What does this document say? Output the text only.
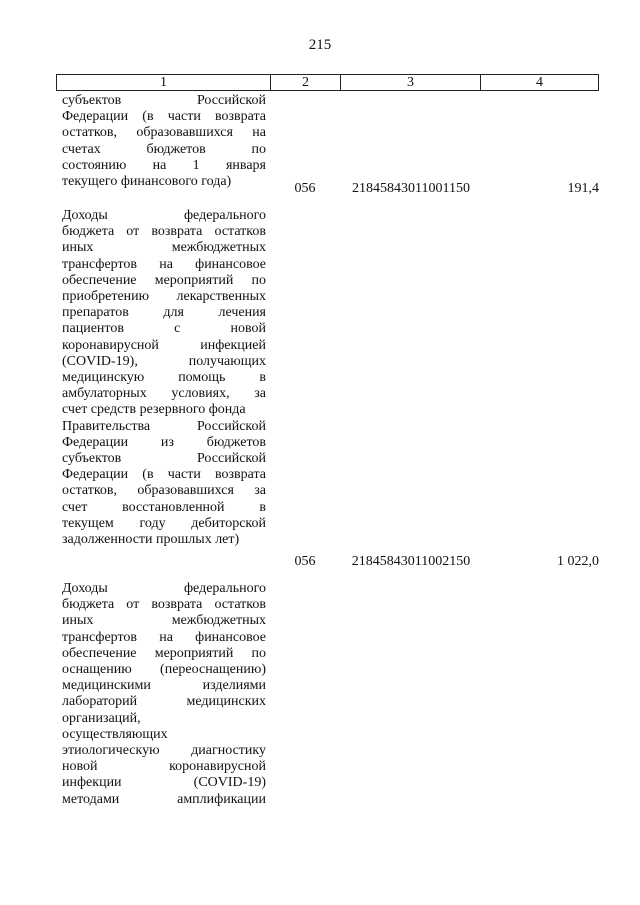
215
1	2	3	4
субъектов Российской
Федерации (в части возврата
остатков, образовавшихся на
счетах бюджетов по
состоянию на 1 января
текущего финансового года)	056	21845843011001150	191,4
Доходы федерального
бюджета от возврата остатков
иных межбюджетных
трансфертов на финансовое
обеспечение мероприятий по
приобретению лекарственных
препаратов для лечения
пациентов с новой
коронавирусной инфекцией
(COVID-19), получающих
медицинскую помощь в
амбулаторных условиях, за
счет средств резервного фонда
Правительства Российской
Федерации из бюджетов
субъектов Российской
Федерации (в части возврата
остатков, образовавшихся за
счет восстановленной в
текущем году дебиторской
задолженности прошлых лет)
056	21845843011002150	1 022,0
Доходы федерального
бюджета от возврата остатков
иных межбюджетных
трансфертов на финансовое
обеспечение мероприятий по
оснащению (переоснащению)
медицинскими изделиями
лабораторий медицинских
организаций,
осуществляющих
этиологическую диагностику
новой коронавирусной
инфекции (COVID-19)
методами амплификации
